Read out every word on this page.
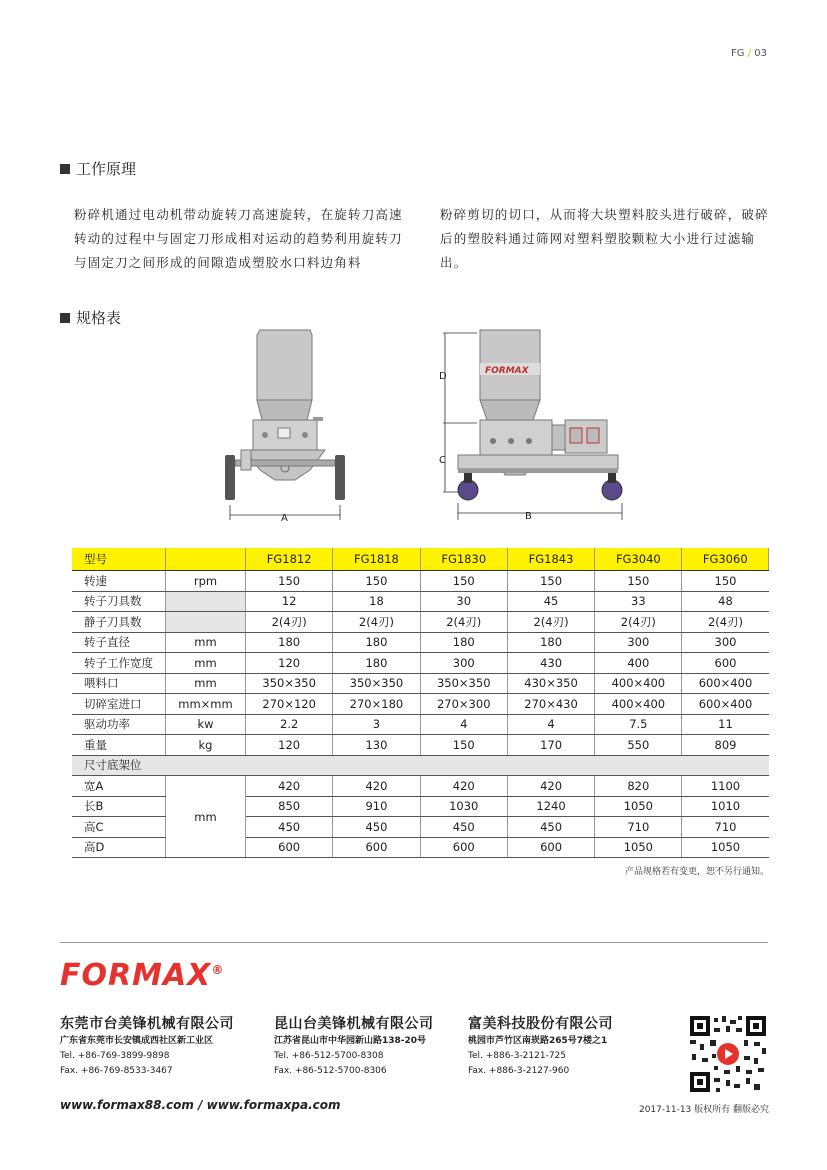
FG / 03
工作原理
粉碎机通过电动机带动旋转刀高速旋转，在旋转刀高速转动的过程中与固定刀形成相对运动的趋势利用旋转刀与固定刀之间形成的间隙造成塑胶水口料边角料
粉碎剪切的切口，从而将大块塑料胶头进行破碎，破碎后的塑胶料通过筛网对塑料塑胶颗粒大小进行过滤输出。
规格表
A
FORMAX
D
C
B
型号		FG1812	FG1818	FG1830	FG1843	FG3040	FG3060
转速	rpm	150	150	150	150	150	150
转子刀具数		12	18	30	45	33	48
静子刀具数		2(4刃)	2(4刃)	2(4刃)	2(4刃)	2(4刃)	2(4刃)
转子直径	mm	180	180	180	180	300	300
转子工作宽度	mm	120	180	300	430	400	600
喂料口	mm	350×350	350×350	350×350	430×350	400×400	600×400
切碎室进口	mm×mm	270×120	270×180	270×300	270×430	400×400	600×400
驱动功率	kw	2.2	3	4	4	7.5	11
重量	kg	120	130	150	170	550	809
尺寸底架位							
宽A	mm	420	420	420	420	820	1100
长B		850	910	1030	1240	1050	1010
高C		450	450	450	450	710	710
高D		600	600	600	600	1050	1050
产品规格若有变更，恕不另行通知。
FORMAX®
东莞市台美锋机械有限公司
广东省东莞市长安镇成西社区新工业区
Tel. +86-769-3899-9898
Fax. +86-769-8533-3467
昆山台美锋机械有限公司
江苏省昆山市中华园新山路138-20号
Tel. +86-512-5700-8308
Fax. +86-512-5700-8306
富美科技股份有限公司
桃园市芦竹区南崁路265号7楼之1
Tel. +886-3-2121-725
Fax. +886-3-2127-960
www.formax88.com / www.formaxpa.com	2017-11-13 版权所有 翻版必究
